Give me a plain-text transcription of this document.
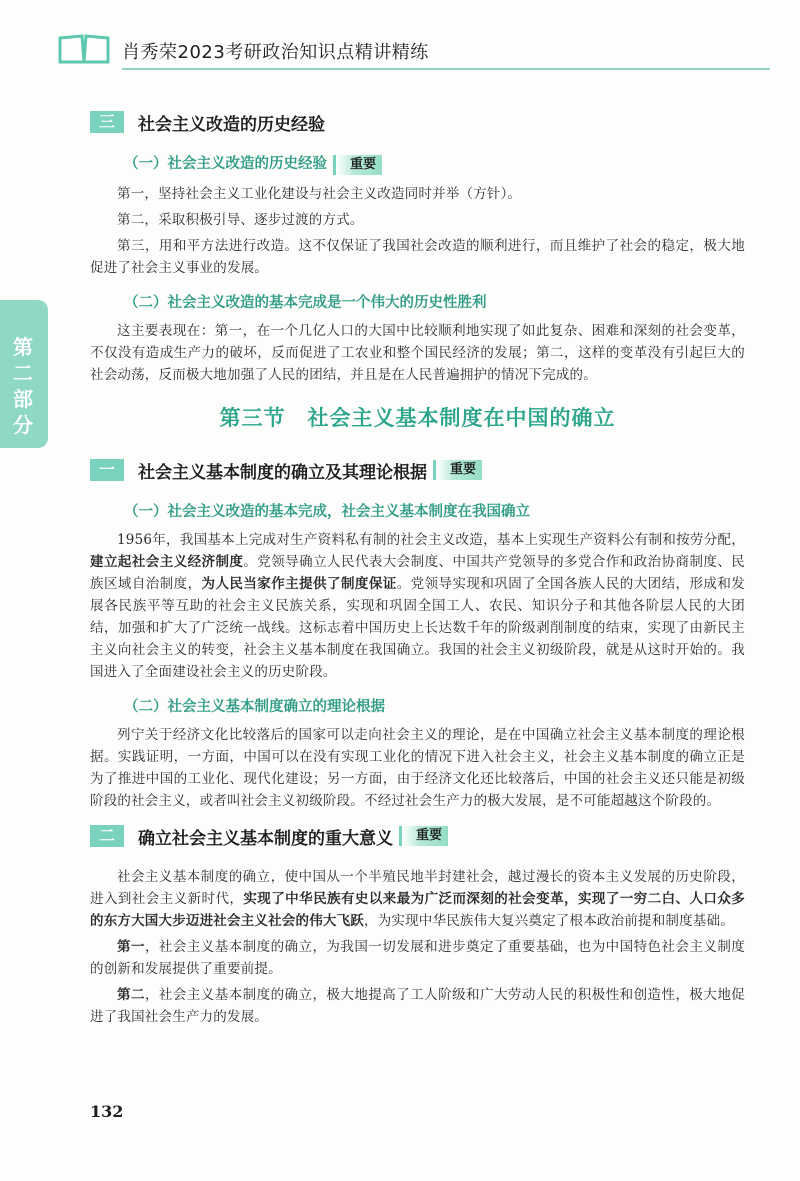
肖秀荣2023考研政治知识点精讲精练
第二部分
三	社会主义改造的历史经验
（一）社会主义改造的历史经验 重要

第一，坚持社会主义工业化建设与社会主义改造同时并举（方针）。

第二，采取积极引导、逐步过渡的方式。

第三，用和平方法进行改造。这不仅保证了我国社会改造的顺利进行，而且维护了社会的稳定，极大地促进了社会主义事业的发展。

（二）社会主义改造的基本完成是一个伟大的历史性胜利

这主要表现在：第一，在一个几亿人口的大国中比较顺利地实现了如此复杂、困难和深刻的社会变革，不仅没有造成生产力的破坏，反而促进了工农业和整个国民经济的发展；第二，这样的变革没有引起巨大的社会动荡，反而极大地加强了人民的团结，并且是在人民普遍拥护的情况下完成的。

第三节 社会主义基本制度在中国的确立
一	社会主义基本制度的确立及其理论根据	重要
（一）社会主义改造的基本完成，社会主义基本制度在我国确立

1956年，我国基本上完成对生产资料私有制的社会主义改造，基本上实现生产资料公有制和按劳分配，建立起社会主义经济制度。党领导确立人民代表大会制度、中国共产党领导的多党合作和政治协商制度、民族区域自治制度，为人民当家作主提供了制度保证。党领导实现和巩固了全国各族人民的大团结，形成和发展各民族平等互助的社会主义民族关系，实现和巩固全国工人、农民、知识分子和其他各阶层人民的大团结，加强和扩大了广泛统一战线。这标志着中国历史上长达数千年的阶级剥削制度的结束，实现了由新民主主义向社会主义的转变，社会主义基本制度在我国确立。我国的社会主义初级阶段，就是从这时开始的。我国进入了全面建设社会主义的历史阶段。

（二）社会主义基本制度确立的理论根据

列宁关于经济文化比较落后的国家可以走向社会主义的理论，是在中国确立社会主义基本制度的理论根据。实践证明，一方面，中国可以在没有实现工业化的情况下进入社会主义，社会主义基本制度的确立正是为了推进中国的工业化、现代化建设；另一方面，由于经济文化还比较落后，中国的社会主义还只能是初级阶段的社会主义，或者叫社会主义初级阶段。不经过社会生产力的极大发展，是不可能超越这个阶段的。

二	确立社会主义基本制度的重大意义	重要

社会主义基本制度的确立，使中国从一个半殖民地半封建社会，越过漫长的资本主义发展的历史阶段，进入到社会主义新时代，实现了中华民族有史以来最为广泛而深刻的社会变革，实现了一穷二白、人口众多的东方大国大步迈进社会主义社会的伟大飞跃，为实现中华民族伟大复兴奠定了根本政治前提和制度基础。

第一，社会主义基本制度的确立，为我国一切发展和进步奠定了重要基础，也为中国特色社会主义制度的创新和发展提供了重要前提。

第二，社会主义基本制度的确立，极大地提高了工人阶级和广大劳动人民的积极性和创造性，极大地促进了我国社会生产力的发展。

132
